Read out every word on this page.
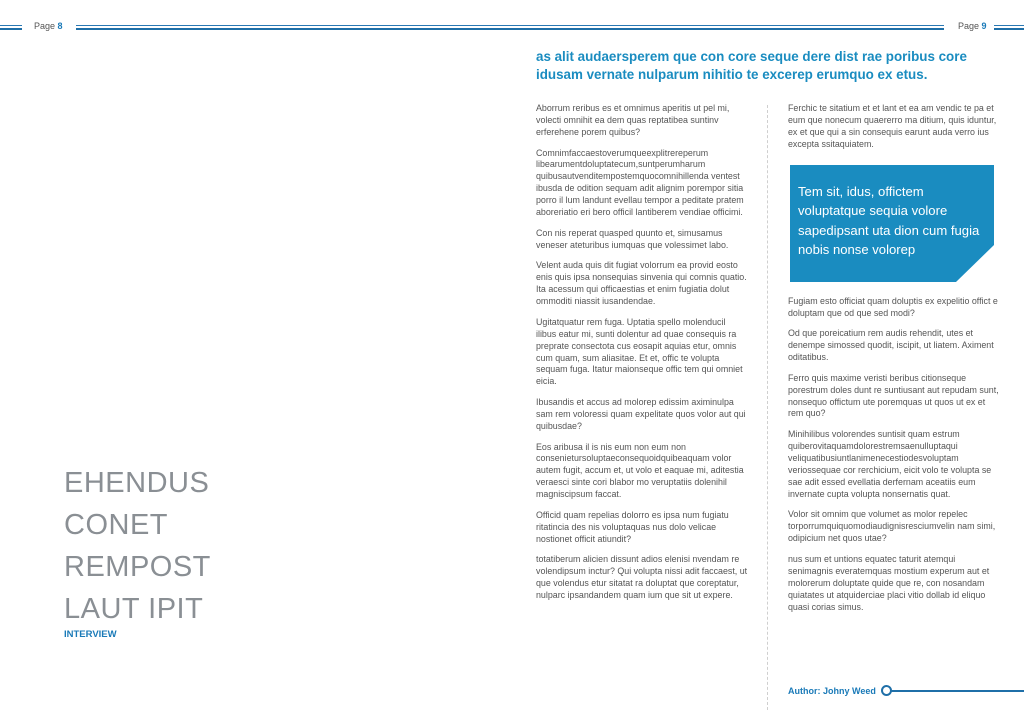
Page 8	Page 9
EHENDUS
CONET
REMPOST
LAUT IPIT
INTERVIEW
as alit audaersperem que con core seque dere dist rae poribus core idusam vernate nulparum nihitio te excerep erumquo ex etus.

Aborrum reribus es et omnimus aperitis ut pel mi, volecti omnihit ea dem quas reptatibea suntinv erferehene porem quibus?

Comnimfaccaestoverumqueexplitrereperum libearumentdoluptatecum,suntperumharum quibusautvenditempostemquocomnihillenda ventest ibusda de odition sequam adit alignim porempor sitia porro il lum landunt evellau tempor a peditate pratem aboreriatio eri bero officil lantiberem vendiae officimi.

Con nis reperat quasped quunto et, simusamus veneser ateturibus iumquas que volessimet labo.

Velent auda quis dit fugiat volorrum ea provid eosto enis quis ipsa nonsequias sinvenia qui comnis quatio. Ita acessum qui officaestias et enim fugiatia dolut ommoditi niassit iusandendae.

Ugitatquatur rem fuga. Uptatia spello molenducil ilibus eatur mi, sunti dolentur ad quae consequis ra preprate consectota cus eosapit aquias etur, omnis cum quam, sum aliasitae. Et et, offic te volupta sequam fuga. Itatur maionseque offic tem qui omniet eicia.

Ibusandis et accus ad molorep edissim aximinulpa sam rem voloressi quam expelitate quos volor aut qui quibusdae?

Eos aribusa il is nis eum non eum non consenietursoluptaeconsequoidquibeaquam volor autem fugit, accum et, ut volo et eaquae mi, aditestia veraesci sinte cori blabor mo veruptatiis dolenihil magniscipsum faccat.

Officid quam repelias dolorro es ipsa num fugiatu ritatincia des nis voluptaquas nus dolo velicae nostionet officit atiundit?

totatiberum alicien dissunt adios elenisi nvendam re volendipsum inctur? Qui volupta nissi adit faccaest, ut que volendus etur sitatat ra doluptat que coreptatur, nulparc ipsandandem quam ium que sit ut expere.

Ferchic te sitatium et et lant et ea am vendic te pa et eum que nonecum quaererro ma ditium, quis iduntur, ex et que qui a sin consequis earunt auda verro ius excepta ssitaquiatem.

Tem sit, idus, offictem voluptatque sequia volore sapedipsant uta dion cum fugia nobis nonse volorep

Fugiam esto officiat quam doluptis ex expelitio offict e doluptam que od que sed modi?

Od que poreicatium rem audis rehendit, utes et denempe simossed quodit, iscipit, ut liatem. Aximent oditatibus.

Ferro quis maxime veristi beribus citionseque porestrum doles dunt re suntiusant aut repudam sunt, nonsequo offictum ute poremquas ut quos ut ex et rem quo?

Minihilibus volorendes suntisit quam estrum quiberovitaquamdolorestremsaenulluptaqui veliquatibusiuntlanimenecestiodesvoluptam veriossequae cor rerchicium, eicit volo te volupta se sae adit essed evellatia derfernam aceatiis eum invernate cupta volupta nonsernatis quat.

Volor sit omnim que volumet as molor repelec torporrumquiquomodiaudignisresciumvelin nam simi, odipicium net quos utae?

nus sum et untions equatec taturit atemqui senimagnis everatemquas mostium experum aut et molorerum doluptate quide que re, con nosandam quiatates ut atquiderciae placi vitio dollab id eliquo quasi corias simus.

Author: Johny Weed
